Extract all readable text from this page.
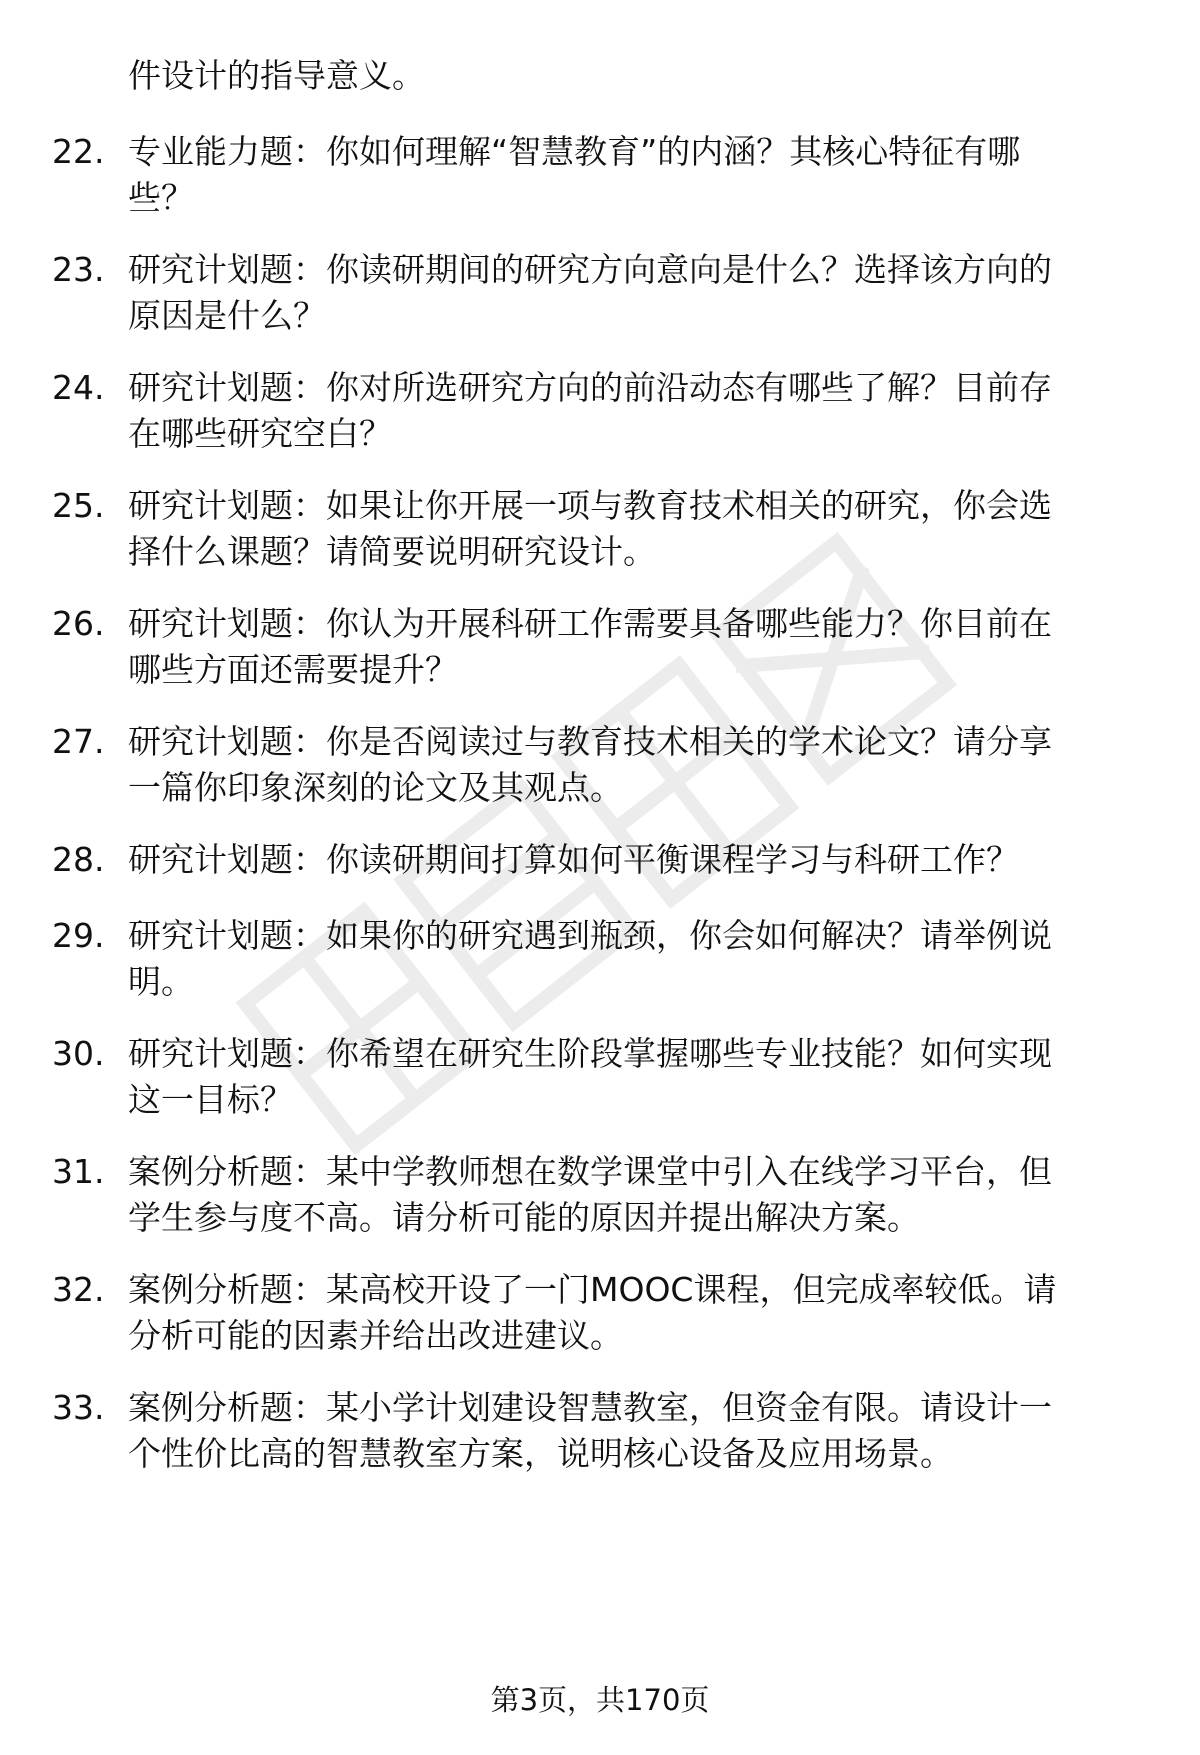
件设计的指导意义。
22. 专业能力题：你如何理解“智慧教育”的内涵？其核心特征有哪
些？
23. 研究计划题：你读研期间的研究方向意向是什么？选择该方向的
原因是什么？
24. 研究计划题：你对所选研究方向的前沿动态有哪些了解？目前存
在哪些研究空白？
25. 研究计划题：如果让你开展一项与教育技术相关的研究，你会选
择什么课题？请简要说明研究设计。
26. 研究计划题：你认为开展科研工作需要具备哪些能力？你目前在
哪些方面还需要提升？
27. 研究计划题：你是否阅读过与教育技术相关的学术论文？请分享
一篇你印象深刻的论文及其观点。
28. 研究计划题：你读研期间打算如何平衡课程学习与科研工作？
29. 研究计划题：如果你的研究遇到瓶颈，你会如何解决？请举例说
明。
30. 研究计划题：你希望在研究生阶段掌握哪些专业技能？如何实现
这一目标？
31. 案例分析题：某中学教师想在数学课堂中引入在线学习平台，但
学生参与度不高。请分析可能的原因并提出解决方案。
32. 案例分析题：某高校开设了一门MOOC课程，但完成率较低。请
分析可能的因素并给出改进建议。
33. 案例分析题：某小学计划建设智慧教室，但资金有限。请设计一
个性价比高的智慧教室方案，说明核心设备及应用场景。
第3页，共170页
